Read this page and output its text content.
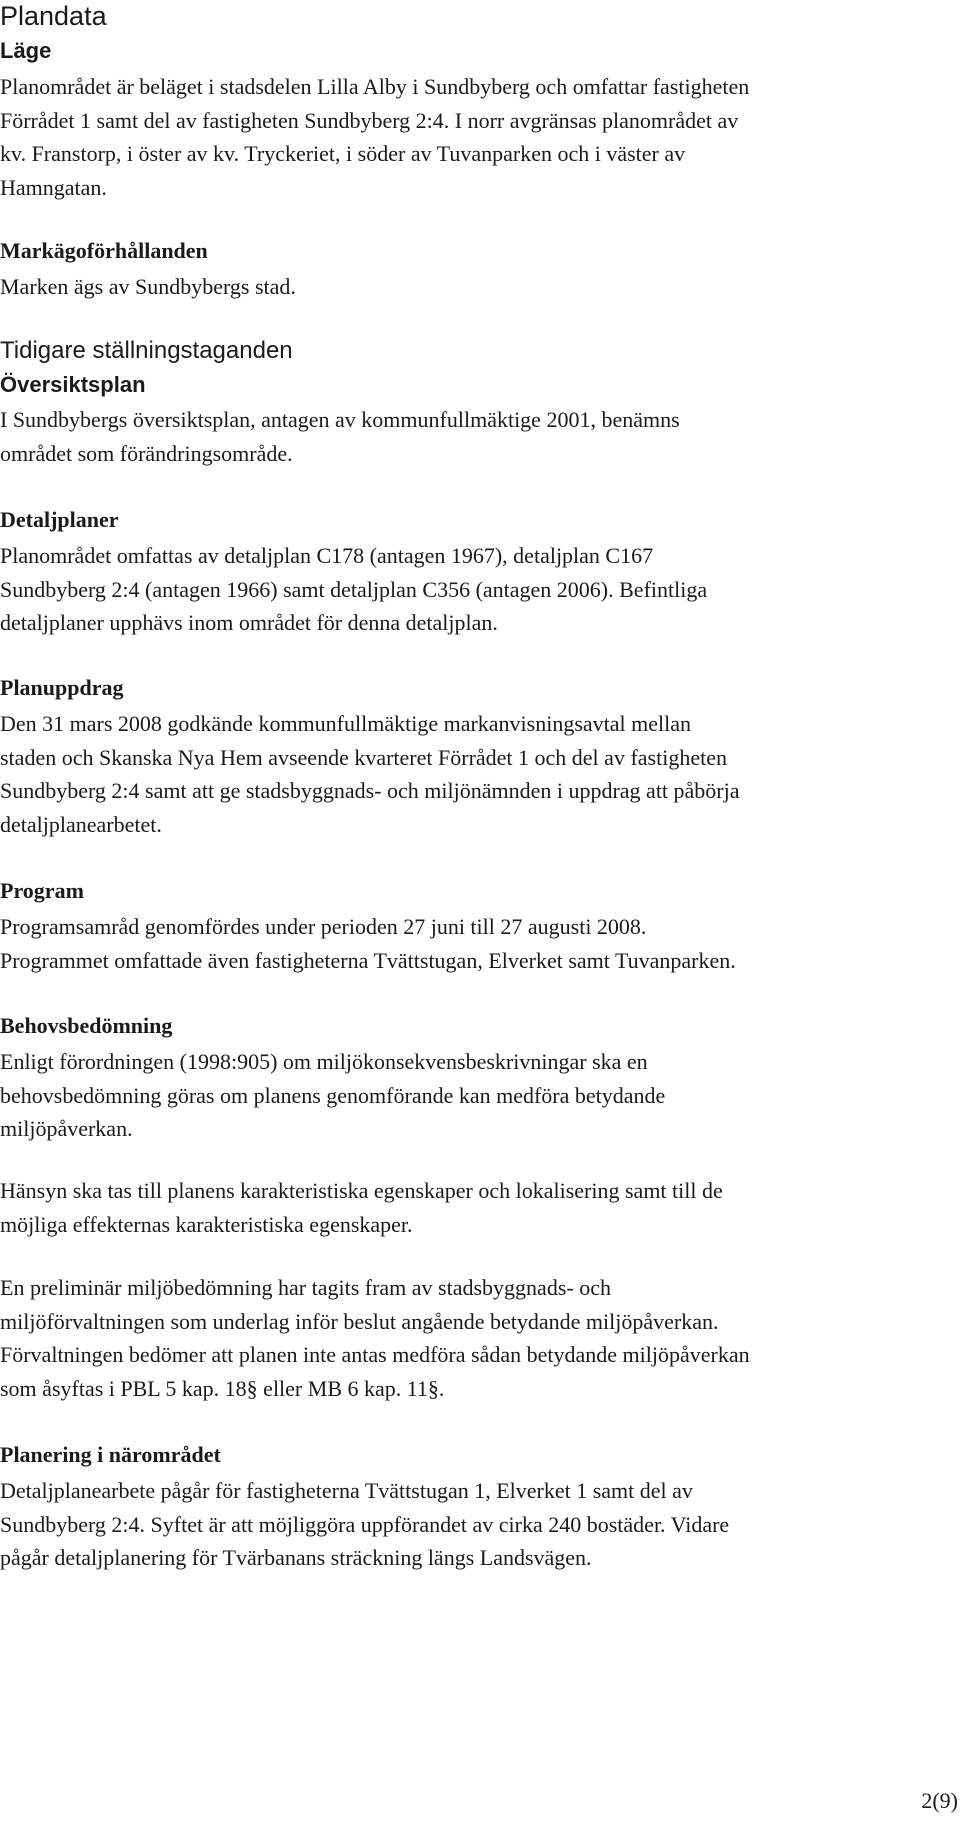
Plandata
Läge

Planområdet är beläget i stadsdelen Lilla Alby i Sundbyberg och omfattar fastigheten
Förrådet 1 samt del av fastigheten Sundbyberg 2:4. I norr avgränsas planområdet av
kv. Franstorp, i öster av kv. Tryckeriet, i söder av Tuvanparken och i väster av
Hamngatan.

Markägoförhållanden

Marken ägs av Sundbybergs stad.

Tidigare ställningstaganden
Översiktsplan

I Sundbybergs översiktsplan, antagen av kommunfullmäktige 2001, benämns
området som förändringsområde.

Detaljplaner

Planområdet omfattas av detaljplan C178 (antagen 1967), detaljplan C167
Sundbyberg 2:4 (antagen 1966) samt detaljplan C356 (antagen 2006). Befintliga
detaljplaner upphävs inom området för denna detaljplan.

Planuppdrag

Den 31 mars 2008 godkände kommunfullmäktige markanvisningsavtal mellan
staden och Skanska Nya Hem avseende kvarteret Förrådet 1 och del av fastigheten
Sundbyberg 2:4 samt att ge stadsbyggnads- och miljönämnden i uppdrag att påbörja
detaljplanearbetet.

Program

Programsamråd genomfördes under perioden 27 juni till 27 augusti 2008.
Programmet omfattade även fastigheterna Tvättstugan, Elverket samt Tuvanparken.

Behovsbedömning

Enligt förordningen (1998:905) om miljökonsekvensbeskrivningar ska en
behovsbedömning göras om planens genomförande kan medföra betydande
miljöpåverkan.

Hänsyn ska tas till planens karakteristiska egenskaper och lokalisering samt till de
möjliga effekternas karakteristiska egenskaper.

En preliminär miljöbedömning har tagits fram av stadsbyggnads- och
miljöförvaltningen som underlag inför beslut angående betydande miljöpåverkan.
Förvaltningen bedömer att planen inte antas medföra sådan betydande miljöpåverkan
som åsyftas i PBL 5 kap. 18§ eller MB 6 kap. 11§.

Planering i närområdet

Detaljplanearbete pågår för fastigheterna Tvättstugan 1, Elverket 1 samt del av
Sundbyberg 2:4. Syftet är att möjliggöra uppförandet av cirka 240 bostäder. Vidare
pågår detaljplanering för Tvärbanans sträckning längs Landsvägen.

2(9)
